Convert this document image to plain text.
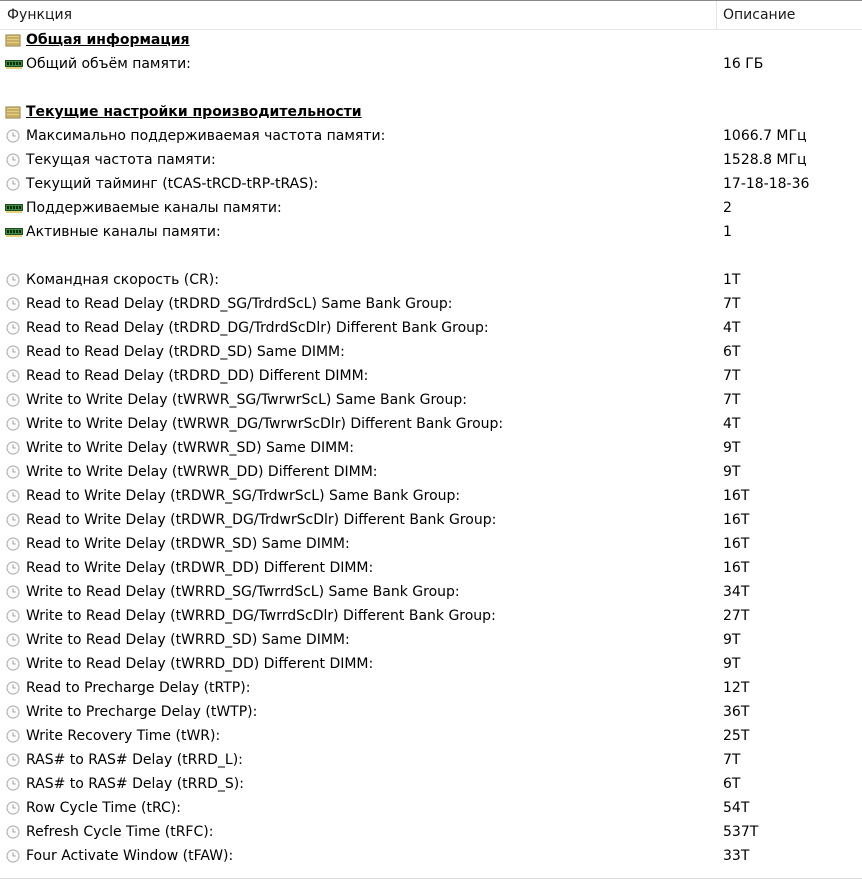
Функция	Описание
Общая информация
Общий объём памяти:	16 ГБ
Текущие настройки производительности
Максимально поддерживаемая частота памяти:	1066.7 МГц
Текущая частота памяти:	1528.8 МГц
Текущий тайминг (tCAS-tRCD-tRP-tRAS):	17-18-18-36
Поддерживаемые каналы памяти:	2
Активные каналы памяти:	1
Командная скорость (CR):	1T
Read to Read Delay (tRDRD_SG/TrdrdScL) Same Bank Group:	7T
Read to Read Delay (tRDRD_DG/TrdrdScDlr) Different Bank Group:	4T
Read to Read Delay (tRDRD_SD) Same DIMM:	6T
Read to Read Delay (tRDRD_DD) Different DIMM:	7T
Write to Write Delay (tWRWR_SG/TwrwrScL) Same Bank Group:	7T
Write to Write Delay (tWRWR_DG/TwrwrScDlr) Different Bank Group:	4T
Write to Write Delay (tWRWR_SD) Same DIMM:	9T
Write to Write Delay (tWRWR_DD) Different DIMM:	9T
Read to Write Delay (tRDWR_SG/TrdwrScL) Same Bank Group:	16T
Read to Write Delay (tRDWR_DG/TrdwrScDlr) Different Bank Group:	16T
Read to Write Delay (tRDWR_SD) Same DIMM:	16T
Read to Write Delay (tRDWR_DD) Different DIMM:	16T
Write to Read Delay (tWRRD_SG/TwrrdScL) Same Bank Group:	34T
Write to Read Delay (tWRRD_DG/TwrrdScDlr) Different Bank Group:	27T
Write to Read Delay (tWRRD_SD) Same DIMM:	9T
Write to Read Delay (tWRRD_DD) Different DIMM:	9T
Read to Precharge Delay (tRTP):	12T
Write to Precharge Delay (tWTP):	36T
Write Recovery Time (tWR):	25T
RAS# to RAS# Delay (tRRD_L):	7T
RAS# to RAS# Delay (tRRD_S):	6T
Row Cycle Time (tRC):	54T
Refresh Cycle Time (tRFC):	537T
Four Activate Window (tFAW):	33T
